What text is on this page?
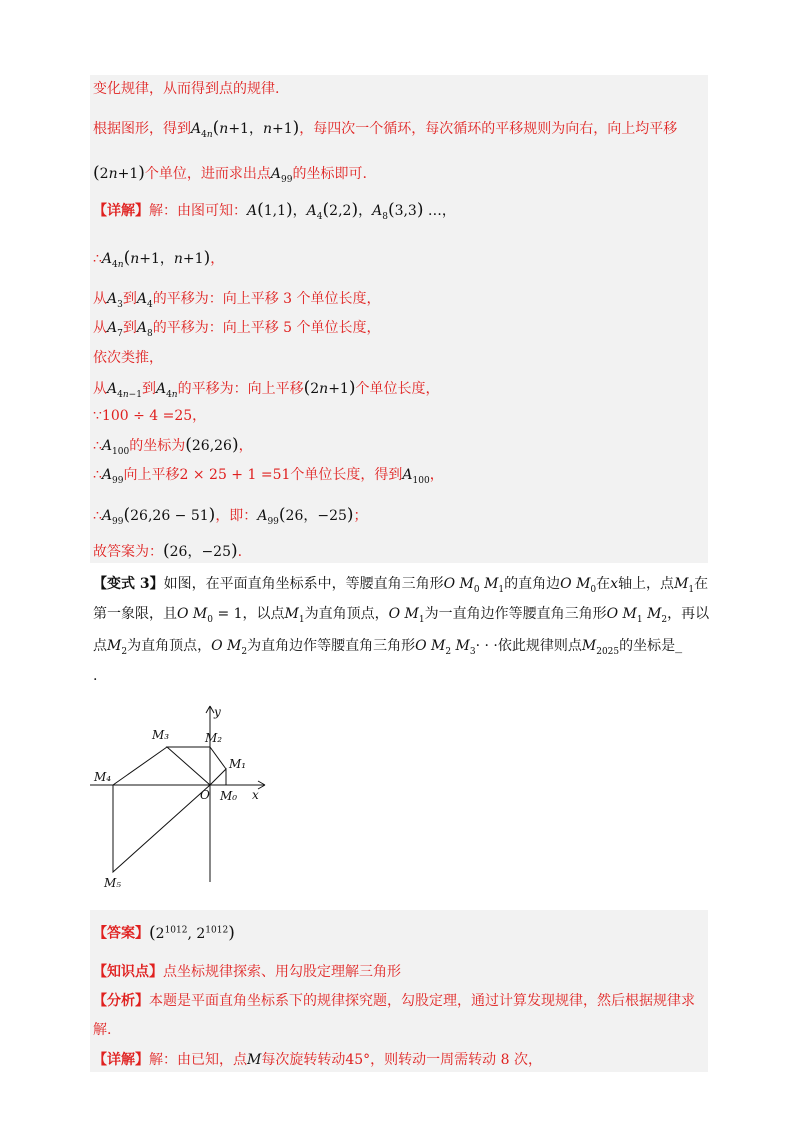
变化规律，从而得到点的规律.
根据图形，得到$A_{4n}(n+1$，n+1)，每四次一个循环，每次循环的平移规则为向右，向上均平移
(2n+1)个单位，进而求出点$A_{99}$的坐标即可.
【详解】解：由图可知：A(1,1)，$A_4(2,2)$，$A_8(3,3)$ …，
$\therefore A_{4n}(n+1$，n+1)，
从$A_3$到$A_4$的平移为：向上平移 3 个单位长度，
从$A_7$到$A_8$的平移为：向上平移 5 个单位长度，
依次类推，
从$A_{4n-1}$到$A_{4n}$的平移为：向上平移(2n+1)个单位长度，
∵100 ÷ 4 =25，
$\therefore A_{100}$的坐标为(26,26)，
$\therefore A_{99}$向上平移2 × 25 + 1 =51个单位长度，得到$A_{100}$，
$\therefore A_{99}(26,26 - 51)$，即：$A_{99}(26$，−25)；
故答案为：(26，−25).
【变式 3】如图，在平面直角坐标系中，等腰直角三角形O $M_0$ $M_1$的直角边O $M_0$在x轴上，点$M_1$在
第一象限，且O $M_0 = 1$，以点$M_1$为直角顶点，O $M_1$为一直角边作等腰直角三角形O $M_1$ $M_2$，再以
点$M_2$为直角顶点，O $M_2$为直角边作等腰直角三角形O $M_2$ $M_3\cdot$ · ·依此规律则点$M_{2025}$的坐标是_
.
y
x
O M₀
M₁
M₂
M₃
M₄
M₅
【答案】($2^{1012}$, $2^{1012}$)
【知识点】点坐标规律探索、用勾股定理解三角形
【分析】本题是平面直角坐标系下的规律探究题，勾股定理，通过计算发现规律，然后根据规律求
解.
【详解】解：由已知，点M每次旋转转动45°，则转动一周需转动 8 次，
